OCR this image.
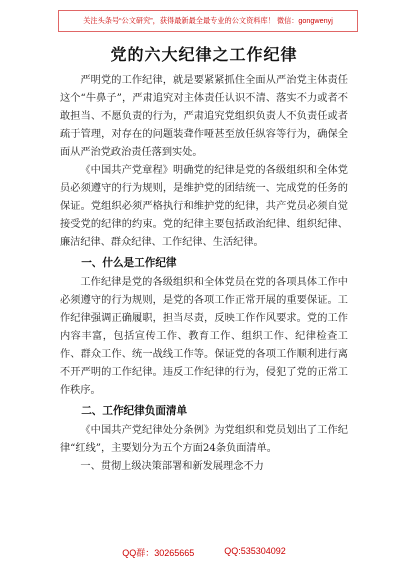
关注头条号“公文研究”，获得最新最全最专业的公文资料库！ 微信：gongwenyj
党的六大纪律之工作纪律

严明党的工作纪律，就是要紧紧抓住全面从严治党主体责任这个“牛鼻子”，严肃追究对主体责任认识不清、落实不力或者不敢担当、不愿负责的行为，严肃追究党组织负责人不负责任或者疏于管理，对存在的问题装聋作哑甚至放任纵容等行为，确保全面从严治党政治责任落到实处。

《中国共产党章程》明确党的纪律是党的各级组织和全体党员必须遵守的行为规则，是维护党的团结统一、完成党的任务的保证。党组织必须严格执行和维护党的纪律，共产党员必须自觉接受党的纪律的约束。党的纪律主要包括政治纪律、组织纪律、廉洁纪律、群众纪律、工作纪律、生活纪律。

一、什么是工作纪律

工作纪律是党的各级组织和全体党员在党的各项具体工作中必须遵守的行为规则，是党的各项工作正常开展的重要保证。工作纪律强调正确履职，担当尽责，反映工作作风要求。党的工作内容丰富，包括宣传工作、教育工作、组织工作、纪律检查工作、群众工作、统一战线工作等。保证党的各项工作顺利进行离不开严明的工作纪律。违反工作纪律的行为，侵犯了党的正常工作秩序。

二、工作纪律负面清单

《中国共产党纪律处分条例》为党组织和党员划出了工作纪律“红线”，主要划分为五个方面24条负面清单。

一、贯彻上级决策部署和新发展理念不力

QQ群：30265665	QQ:535304092
